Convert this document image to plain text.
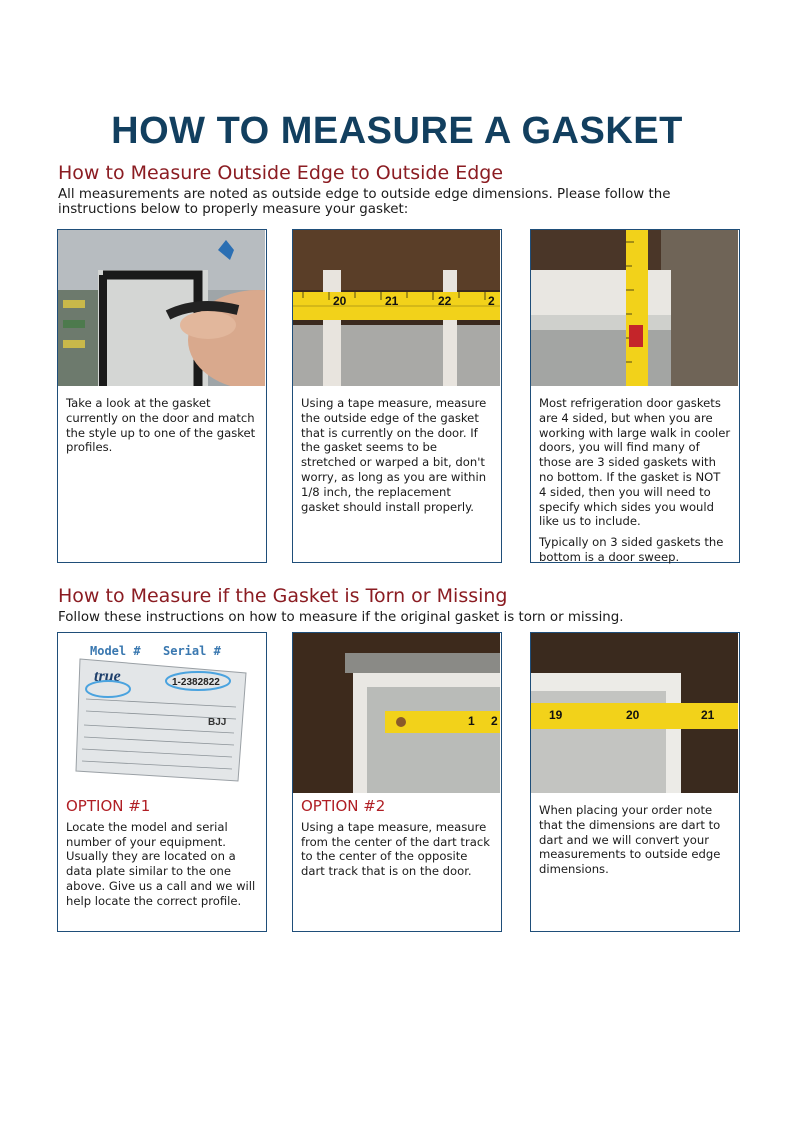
HOW TO MEASURE A GASKET
How to Measure Outside Edge to Outside Edge

All measurements are noted as outside edge to outside edge dimensions. Please follow the instructions below to properly measure your gasket:

Take a look at the gasket currently on the door and match the style up to one of the gasket profiles.

20	21	22	2

Using a tape measure, measure the outside edge of the gasket that is currently on the door. If the gasket seems to be stretched or warped a bit, don't worry, as long as you are within 1/8 inch, the replacement gasket should install properly.

Most refrigeration door gaskets are 4 sided, but when you are working with large walk in cooler doors, you will find many of those are 3 sided gaskets with no bottom. If the gasket is NOT 4 sided, then you will need to specify which sides you would like us to include.

Typically on 3 sided gaskets the bottom is a door sweep.

How to Measure if the Gasket is Torn or Missing

Follow these instructions on how to measure if the original gasket is torn or missing.

Model # Serial #
true	1-2382822
BJJ

OPTION #1

Locate the model and serial number of your equipment. Usually they are located on a data plate similar to the one above. Give us a call and we will help locate the correct profile.

1 2

OPTION #2

Using a tape measure, measure from the center of the dart track to the center of the opposite dart track that is on the door.

19	20	21

When placing your order note that the dimensions are dart to dart and we will convert your measurements to outside edge dimensions.
